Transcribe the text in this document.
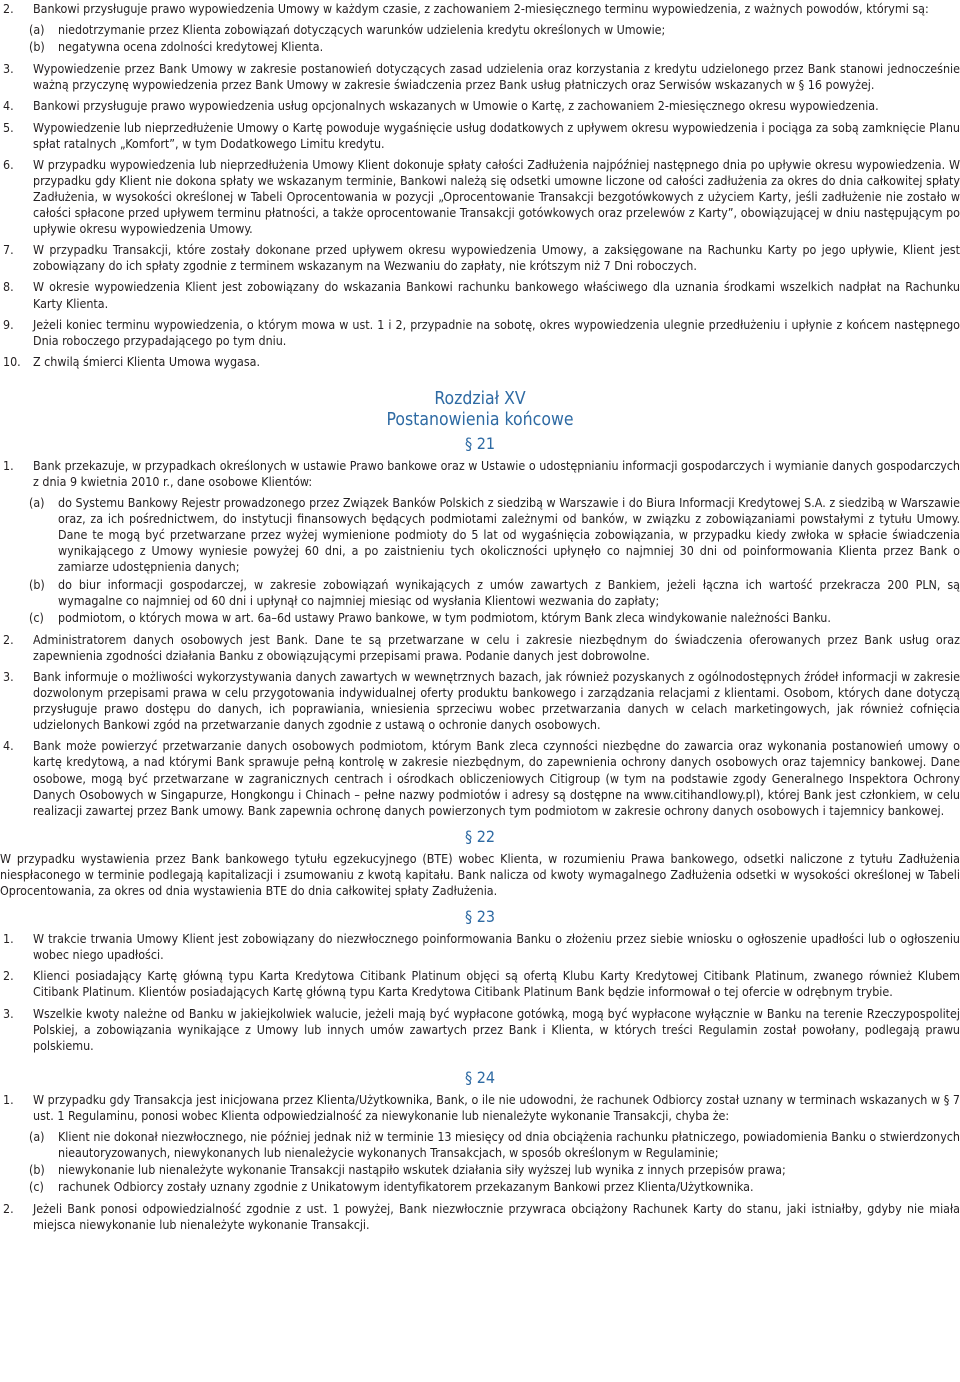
2. Bankowi przysługuje prawo wypowiedzenia Umowy w każdym czasie, z zachowaniem 2-miesięcznego terminu wypowiedzenia, z ważnych powodów, którymi są:
(a) niedotrzymanie przez Klienta zobowiązań dotyczących warunków udzielenia kredytu określonych w Umowie;
(b) negatywna ocena zdolności kredytowej Klienta.
3. Wypowiedzenie przez Bank Umowy w zakresie postanowień dotyczących zasad udzielenia oraz korzystania z kredytu udzielonego przez Bank stanowi jednocześnie ważną przyczynę wypowiedzenia przez Bank Umowy w zakresie świadczenia przez Bank usług płatniczych oraz Serwisów wskazanych w § 16 powyżej.
4. Bankowi przysługuje prawo wypowiedzenia usług opcjonalnych wskazanych w Umowie o Kartę, z zachowaniem 2-miesięcznego okresu wypowiedzenia.
5. Wypowiedzenie lub nieprzedłużenie Umowy o Kartę powoduje wygaśnięcie usług dodatkowych z upływem okresu wypowiedzenia i pociąga za sobą zamknięcie Planu spłat ratalnych „Komfort”, w tym Dodatkowego Limitu kredytu.
6. W przypadku wypowiedzenia lub nieprzedłużenia Umowy Klient dokonuje spłaty całości Zadłużenia najpóźniej następnego dnia po upływie okresu wypowiedzenia. W przypadku gdy Klient nie dokona spłaty we wskazanym terminie, Bankowi należą się odsetki umowne liczone od całości zadłużenia za okres do dnia całkowitej spłaty Zadłużenia, w wysokości określonej w Tabeli Oprocentowania w pozycji „Oprocentowanie Transakcji bezgotówkowych z użyciem Karty, jeśli zadłużenie nie zostało w całości spłacone przed upływem terminu płatności, a także oprocentowanie Transakcji gotówkowych oraz przelewów z Karty”, obowiązującej w dniu następującym po upływie okresu wypowiedzenia Umowy.
7. W przypadku Transakcji, które zostały dokonane przed upływem okresu wypowiedzenia Umowy, a zaksięgowane na Rachunku Karty po jego upływie, Klient jest zobowiązany do ich spłaty zgodnie z terminem wskazanym na Wezwaniu do zapłaty, nie krótszym niż 7 Dni roboczych.
8. W okresie wypowiedzenia Klient jest zobowiązany do wskazania Bankowi rachunku bankowego właściwego dla uznania środkami wszelkich nadpłat na Rachunku Karty Klienta.
9. Jeżeli koniec terminu wypowiedzenia, o którym mowa w ust. 1 i 2, przypadnie na sobotę, okres wypowiedzenia ulegnie przedłużeniu i upłynie z końcem następnego Dnia roboczego przypadającego po tym dniu.
10. Z chwilą śmierci Klienta Umowa wygasa.
Rozdział XV
Postanowienia końcowe
§ 21
1. Bank przekazuje, w przypadkach określonych w ustawie Prawo bankowe oraz w Ustawie o udostępnianiu informacji gospodarczych i wymianie danych gospodarczych z dnia 9 kwietnia 2010 r., dane osobowe Klientów:
(a) do Systemu Bankowy Rejestr prowadzonego przez Związek Banków Polskich z siedzibą w Warszawie i do Biura Informacji Kredytowej S.A. z siedzibą w Warszawie oraz, za ich pośrednictwem, do instytucji finansowych będących podmiotami zależnymi od banków, w związku z zobowiązaniami powstałymi z tytułu Umowy. Dane te mogą być przetwarzane przez wyżej wymienione podmioty do 5 lat od wygaśnięcia zobowiązania, w przypadku kiedy zwłoka w spłacie świadczenia wynikającego z Umowy wyniesie powyżej 60 dni, a po zaistnieniu tych okoliczności upłynęło co najmniej 30 dni od poinformowania Klienta przez Bank o zamiarze udostępnienia danych;
(b) do biur informacji gospodarczej, w zakresie zobowiązań wynikających z umów zawartych z Bankiem, jeżeli łączna ich wartość przekracza 200 PLN, są wymagalne co najmniej od 60 dni i upłynął co najmniej miesiąc od wysłania Klientowi wezwania do zapłaty;
(c) podmiotom, o których mowa w art. 6a–6d ustawy Prawo bankowe, w tym podmiotom, którym Bank zleca windykowanie należności Banku.
2. Administratorem danych osobowych jest Bank. Dane te są przetwarzane w celu i zakresie niezbędnym do świadczenia oferowanych przez Bank usług oraz zapewnienia zgodności działania Banku z obowiązującymi przepisami prawa. Podanie danych jest dobrowolne.
3. Bank informuje o możliwości wykorzystywania danych zawartych w wewnętrznych bazach, jak również pozyskanych z ogólnodostępnych źródeł informacji w zakresie dozwolonym przepisami prawa w celu przygotowania indywidualnej oferty produktu bankowego i zarządzania relacjami z klientami. Osobom, których dane dotyczą przysługuje prawo dostępu do danych, ich poprawiania, wniesienia sprzeciwu wobec przetwarzania danych w celach marketingowych, jak również cofnięcia udzielonych Bankowi zgód na przetwarzanie danych zgodnie z ustawą o ochronie danych osobowych.
4. Bank może powierzyć przetwarzanie danych osobowych podmiotom, którym Bank zleca czynności niezbędne do zawarcia oraz wykonania postanowień umowy o kartę kredytową, a nad którymi Bank sprawuje pełną kontrolę w zakresie niezbędnym, do zapewnienia ochrony danych osobowych oraz tajemnicy bankowej. Dane osobowe, mogą być przetwarzane w zagranicznych centrach i ośrodkach obliczeniowych Citigroup (w tym na podstawie zgody Generalnego Inspektora Ochrony Danych Osobowych w Singapurze, Hongkongu i Chinach – pełne nazwy podmiotów i adresy są dostępne na www.citihandlowy.pl), której Bank jest członkiem, w celu realizacji zawartej przez Bank umowy. Bank zapewnia ochronę danych powierzonych tym podmiotom w zakresie ochrony danych osobowych i tajemnicy bankowej.
§ 22
W przypadku wystawienia przez Bank bankowego tytułu egzekucyjnego (BTE) wobec Klienta, w rozumieniu Prawa bankowego, odsetki naliczone z tytułu Zadłużenia niespłaconego w terminie podlegają kapitalizacji i zsumowaniu z kwotą kapitału. Bank nalicza od kwoty wymagalnego Zadłużenia odsetki w wysokości określonej w Tabeli Oprocentowania, za okres od dnia wystawienia BTE do dnia całkowitej spłaty Zadłużenia.
§ 23
1. W trakcie trwania Umowy Klient jest zobowiązany do niezwłocznego poinformowania Banku o złożeniu przez siebie wniosku o ogłoszenie upadłości lub o ogłoszeniu wobec niego upadłości.
2. Klienci posiadający Kartę główną typu Karta Kredytowa Citibank Platinum objęci są ofertą Klubu Karty Kredytowej Citibank Platinum, zwanego również Klubem Citibank Platinum. Klientów posiadających Kartę główną typu Karta Kredytowa Citibank Platinum Bank będzie informował o tej ofercie w odrębnym trybie.
3. Wszelkie kwoty należne od Banku w jakiejkolwiek walucie, jeżeli mają być wypłacone gotówką, mogą być wypłacone wyłącznie w Banku na terenie Rzeczypospolitej Polskiej, a zobowiązania wynikające z Umowy lub innych umów zawartych przez Bank i Klienta, w których treści Regulamin został powołany, podlegają prawu polskiemu.
§ 24
1. W przypadku gdy Transakcja jest inicjowana przez Klienta/Użytkownika, Bank, o ile nie udowodni, że rachunek Odbiorcy został uznany w terminach wskazanych w § 7 ust. 1 Regulaminu, ponosi wobec Klienta odpowiedzialność za niewykonanie lub nienależyte wykonanie Transakcji, chyba że:
(a) Klient nie dokonał niezwłocznego, nie później jednak niż w terminie 13 miesięcy od dnia obciążenia rachunku płatniczego, powiadomienia Banku o stwierdzonych nieautoryzowanych, niewykonanych lub nienależycie wykonanych Transakcjach, w sposób określonym w Regulaminie;
(b) niewykonanie lub nienależyte wykonanie Transakcji nastąpiło wskutek działania siły wyższej lub wynika z innych przepisów prawa;
(c) rachunek Odbiorcy zostały uznany zgodnie z Unikatowym identyfikatorem przekazanym Bankowi przez Klienta/Użytkownika.
2. Jeżeli Bank ponosi odpowiedzialność zgodnie z ust. 1 powyżej, Bank niezwłocznie przywraca obciążony Rachunek Karty do stanu, jaki istniałby, gdyby nie miała miejsca niewykonanie lub nienależyte wykonanie Transakcji.
